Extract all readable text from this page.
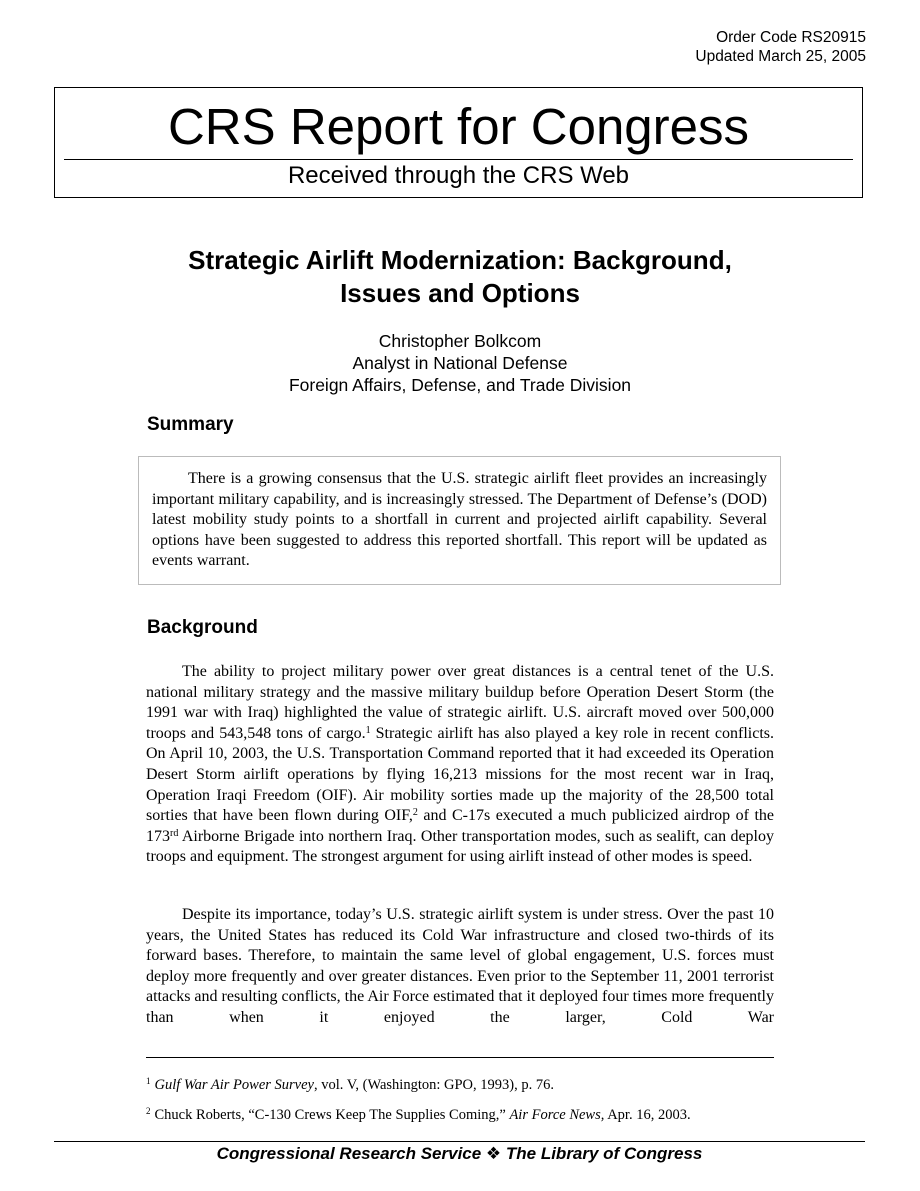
Order Code RS20915
Updated March 25, 2005
CRS Report for Congress
Received through the CRS Web
Strategic Airlift Modernization: Background,
Issues and Options
Christopher Bolkcom
Analyst in National Defense
Foreign Affairs, Defense, and Trade Division
Summary

There is a growing consensus that the U.S. strategic airlift fleet provides an increasingly important military capability, and is increasingly stressed. The Department of Defense’s (DOD) latest mobility study points to a shortfall in current and projected airlift capability. Several options have been suggested to address this reported shortfall. This report will be updated as events warrant.

Background

The ability to project military power over great distances is a central tenet of the U.S. national military strategy and the massive military buildup before Operation Desert Storm (the 1991 war with Iraq) highlighted the value of strategic airlift. U.S. aircraft moved over 500,000 troops and 543,548 tons of cargo.$^1$ Strategic airlift has also played a key role in recent conflicts. On April 10, 2003, the U.S. Transportation Command reported that it had exceeded its Operation Desert Storm airlift operations by flying 16,213 missions for the most recent war in Iraq, Operation Iraqi Freedom (OIF). Air mobility sorties made up the majority of the 28,500 total sorties that have been flown during OIF,$^2$ and C-17s executed a much publicized airdrop of the 173rd Airborne Brigade into northern Iraq. Other transportation modes, such as sealift, can deploy troops and equipment. The strongest argument for using airlift instead of other modes is speed.

Despite its importance, today’s U.S. strategic airlift system is under stress. Over the past 10 years, the United States has reduced its Cold War infrastructure and closed two-thirds of its forward bases. Therefore, to maintain the same level of global engagement, U.S. forces must deploy more frequently and over greater distances. Even prior to the September 11, 2001 terrorist attacks and resulting conflicts, the Air Force estimated that it deployed four times more frequently than when it enjoyed the larger, Cold War

$^1$ Gulf War Air Power Survey, vol. V, (Washington: GPO, 1993), p. 76.

$^2$ Chuck Roberts, “C-130 Crews Keep The Supplies Coming,” Air Force News, Apr. 16, 2003.

Congressional Research Service ❖ The Library of Congress
